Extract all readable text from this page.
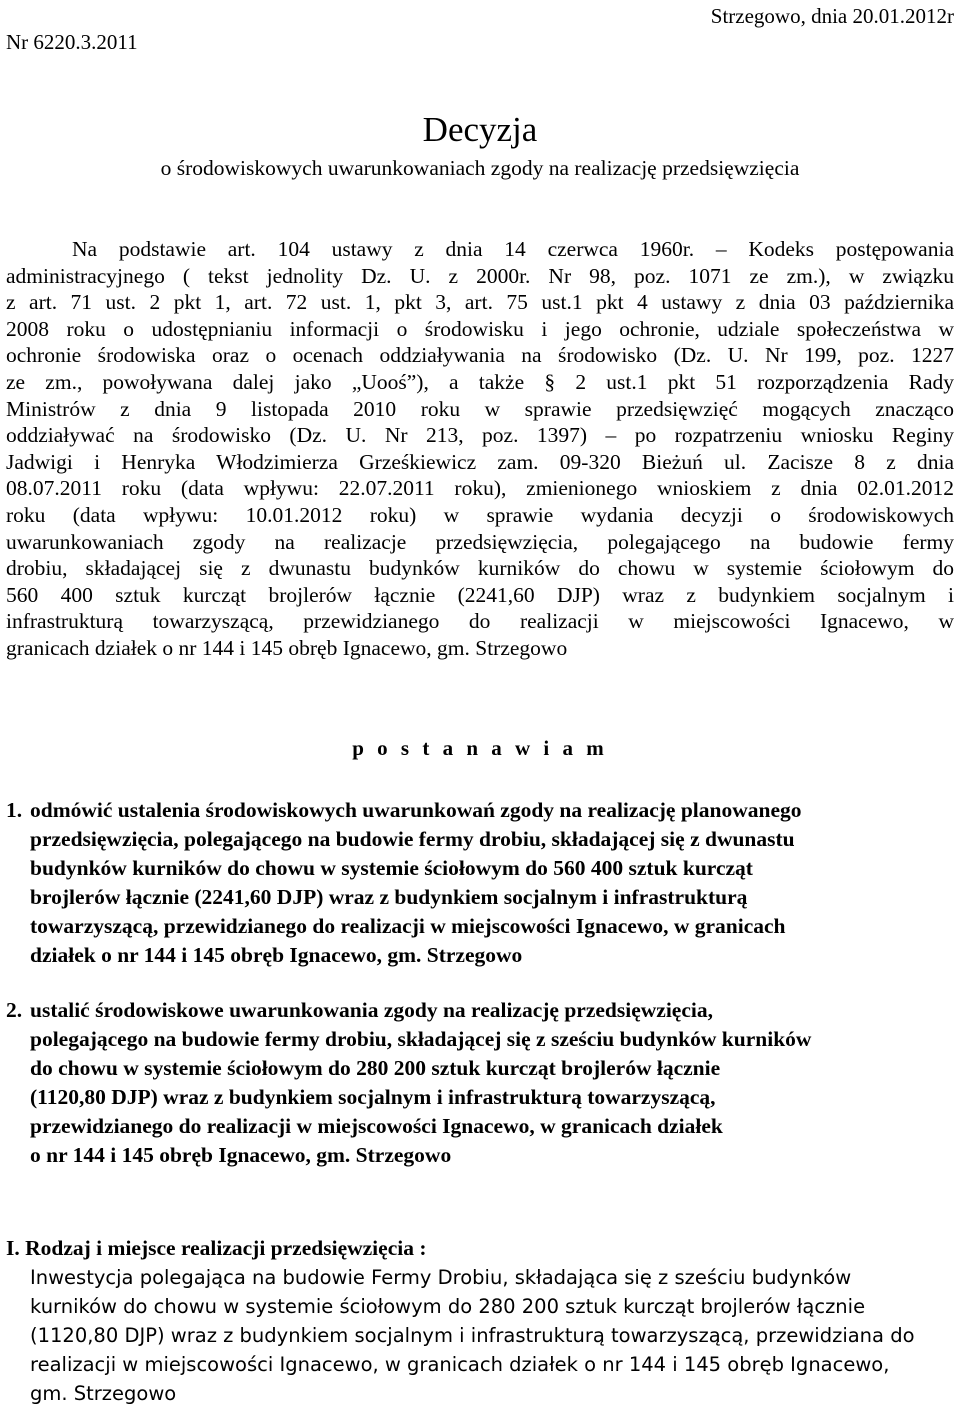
Nr 6220.3.2011
Strzegowo, dnia 20.01.2012r
Decyzja
o środowiskowych uwarunkowaniach zgody na realizację przedsięwzięcia
Na podstawie art. 104 ustawy z dnia 14 czerwca 1960r. – Kodeks postępowania
administracyjnego ( tekst jednolity Dz. U. z 2000r. Nr 98, poz. 1071 ze zm.), w związku
z art. 71 ust. 2 pkt 1, art. 72 ust. 1, pkt 3, art. 75 ust.1 pkt 4 ustawy z dnia 03 października
2008 roku o udostępnianiu informacji o środowisku i jego ochronie, udziale społeczeństwa w
ochronie środowiska oraz o ocenach oddziaływania na środowisko (Dz. U. Nr 199, poz. 1227
ze zm., powoływana dalej jako „Uooś”), a także § 2 ust.1 pkt 51 rozporządzenia Rady
Ministrów z dnia 9 listopada 2010 roku w sprawie przedsięwzięć mogących znacząco
oddziaływać na środowisko (Dz. U. Nr 213, poz. 1397) – po rozpatrzeniu wniosku Reginy
Jadwigi i Henryka Włodzimierza Grześkiewicz zam. 09-320 Bieżuń ul. Zacisze 8 z dnia
08.07.2011 roku (data wpływu: 22.07.2011 roku), zmienionego wnioskiem z dnia 02.01.2012
roku (data wpływu: 10.01.2012 roku) w sprawie wydania decyzji o środowiskowych
uwarunkowaniach zgody na realizacje przedsięwzięcia, polegającego na budowie fermy
drobiu, składającej się z dwunastu budynków kurników do chowu w systemie ściołowym do
560 400 sztuk kurcząt brojlerów łącznie (2241,60 DJP) wraz z budynkiem socjalnym i
infrastrukturą towarzyszącą, przewidzianego do realizacji w miejscowości Ignacewo, w
granicach działek o nr 144 i 145 obręb Ignacewo, gm. Strzegowo
p o s t a n a w i a m
1. odmówić ustalenia środowiskowych uwarunkowań zgody na realizację planowanego
przedsięwzięcia, polegającego na budowie fermy drobiu, składającej się z dwunastu
budynków kurników do chowu w systemie ściołowym do 560 400 sztuk kurcząt
brojlerów łącznie (2241,60 DJP) wraz z budynkiem socjalnym i infrastrukturą
towarzyszącą, przewidzianego do realizacji w miejscowości Ignacewo, w granicach
działek o nr 144 i 145 obręb Ignacewo, gm. Strzegowo
2. ustalić środowiskowe uwarunkowania zgody na realizację przedsięwzięcia,
polegającego na budowie fermy drobiu, składającej się z sześciu budynków kurników
do chowu w systemie ściołowym do 280 200 sztuk kurcząt brojlerów łącznie
(1120,80 DJP) wraz z budynkiem socjalnym i infrastrukturą towarzyszącą,
przewidzianego do realizacji w miejscowości Ignacewo, w granicach działek
o nr 144 i 145 obręb Ignacewo, gm. Strzegowo
I. Rodzaj i miejsce realizacji przedsięwzięcia :
Inwestycja polegająca na budowie Fermy Drobiu, składająca się z sześciu budynków
kurników do chowu w systemie ściołowym do 280 200 sztuk kurcząt brojlerów łącznie
(1120,80 DJP) wraz z budynkiem socjalnym i infrastrukturą towarzyszącą, przewidziana do
realizacji w miejscowości Ignacewo, w granicach działek o nr 144 i 145 obręb Ignacewo,
gm. Strzegowo
